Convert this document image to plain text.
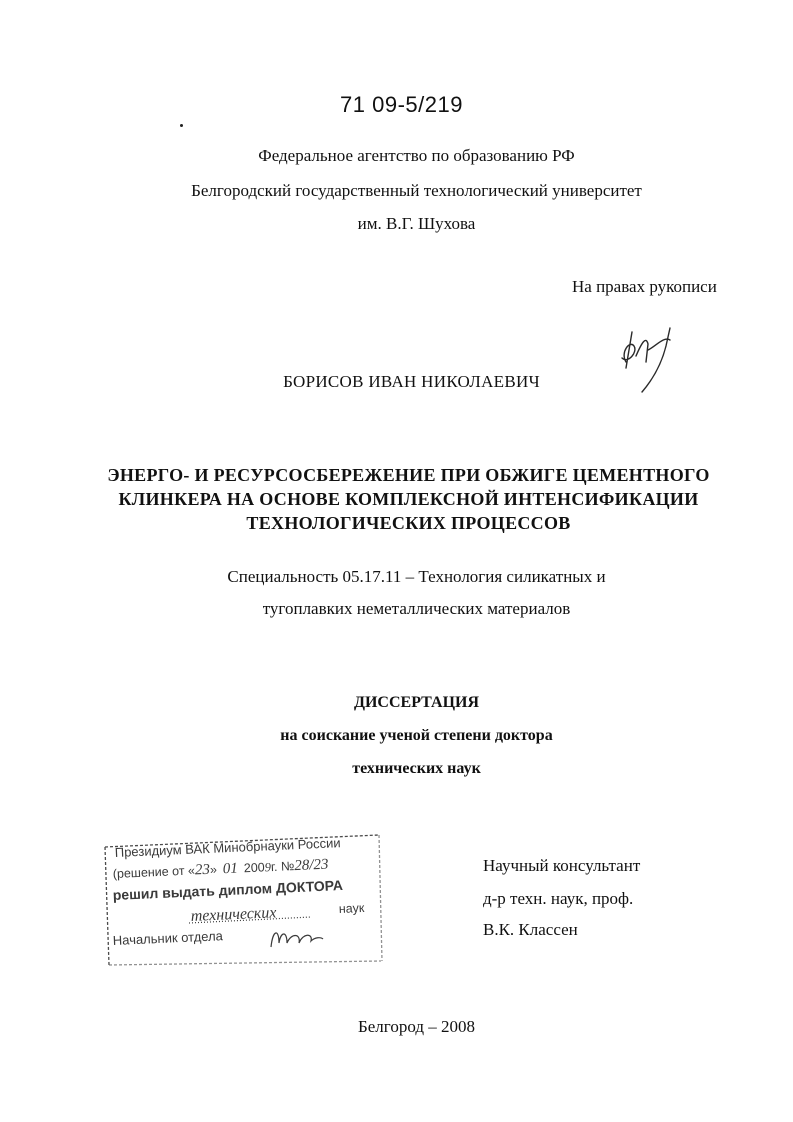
71 09-5/219
Федеральное агентство по образованию РФ
Белгородский государственный технологический университет
им. В.Г. Шухова
На правах рукописи
БОРИСОВ ИВАН НИКОЛАЕВИЧ
ЭНЕРГО- И РЕСУРСОСБЕРЕЖЕНИЕ ПРИ ОБЖИГЕ ЦЕМЕНТНОГО
КЛИНКЕРА НА ОСНОВЕ КОМПЛЕКСНОЙ ИНТЕНСИФИКАЦИИ
ТЕХНОЛОГИЧЕСКИХ ПРОЦЕССОВ
Специальность 05.17.11 – Технология силикатных и
тугоплавких неметаллических материалов
ДИССЕРТАЦИЯ
на соискание ученой степени доктора
технических наук
Президиум ВАК Минобрнауки России
(решение от «23» 01 2009г. №28/23
решил выдать диплом ДОКТОРА
технических	наук
Начальник отдела
Научный консультант
д-р техн. наук, проф.
В.К. Классен
Белгород – 2008
